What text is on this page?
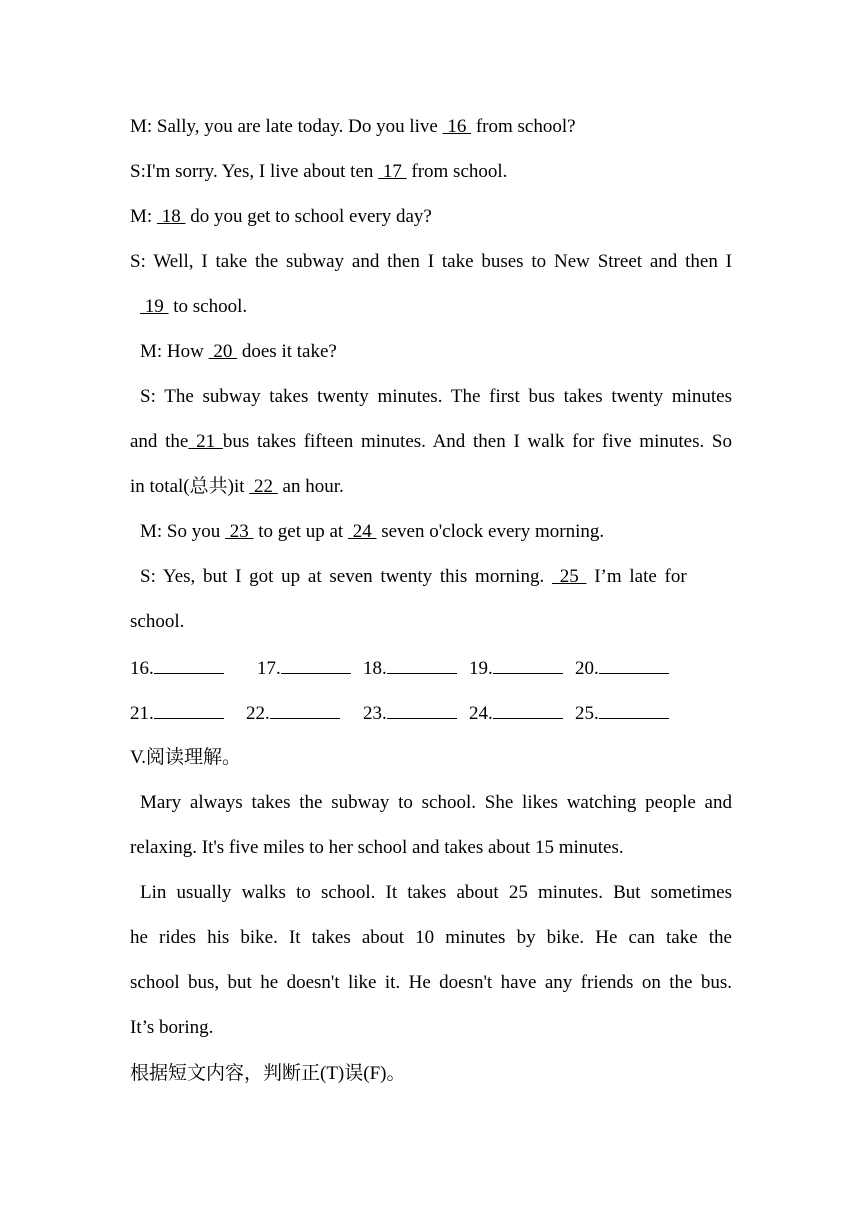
M: Sally, you are late today. Do you live  16  from school?
S:I'm sorry. Yes, I live about ten  17  from school.
M:  18  do you get to school every day?
S: Well, I take the subway and then I take buses to New Street and then I
19  to school.
M: How  20  does it take?
S: The subway takes twenty minutes. The first bus takes twenty minutes
and the 21 bus takes fifteen minutes. And then I walk for five minutes. So
in total(总共)it  22  an hour.
M: So you  23  to get up at  24  seven o'clock every morning.
S: Yes, but I got up at seven twenty this morning.  25  I’m late for
school.
16.	17.	18.	19.	20.
21.	22.	23.	24.	25.
V.阅读理解。
Mary always takes the subway to school. She likes watching people and
relaxing. It's five miles to her school and takes about 15 minutes.
Lin usually walks to school. It takes about 25 minutes. But sometimes
he rides his bike. It takes about 10 minutes by bike. He can take the
school bus, but he doesn't like it. He doesn't have any friends on the bus.
It’s boring.
根据短文内容，判断正(T)误(F)。
